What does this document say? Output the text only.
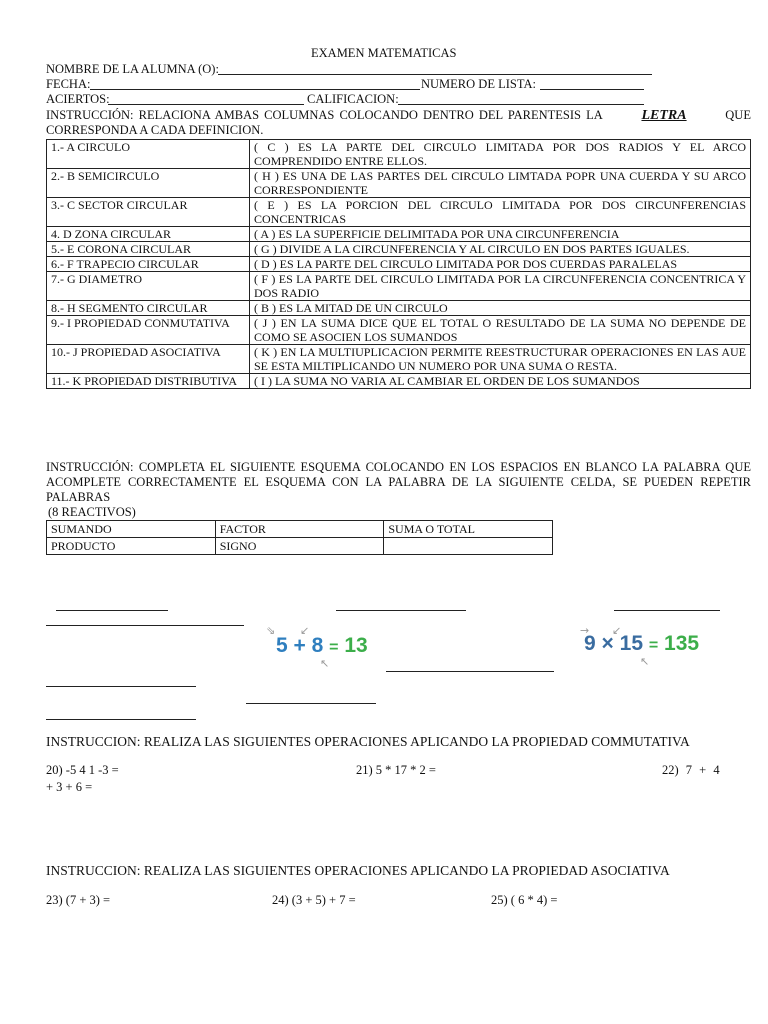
EXAMEN MATEMATICAS
NOMBRE DE LA ALUMNA (O):
FECHA:	NUMERO DE LISTA:
ACIERTOS:	CALIFICACION:
INSTRUCCIÓN: RELACIONA AMBAS COLUMNAS COLOCANDO DENTRO DEL PARENTESIS LA	LETRA	QUE
CORRESPONDA A CADA DEFINICION.
1.- A CIRCULO	( C ) ES LA PARTE DEL CIRCULO LIMITADA POR DOS RADIOS Y EL ARCO COMPRENDIDO ENTRE ELLOS.
2.- B SEMICIRCULO	( H ) ES UNA DE LAS PARTES DEL CIRCULO LIMTADA POPR UNA CUERDA Y SU ARCO CORRESPONDIENTE
3.- C SECTOR CIRCULAR	( E ) ES LA PORCION DEL CIRCULO LIMITADA POR DOS CIRCUNFERENCIAS CONCENTRICAS
4. D ZONA CIRCULAR	( A ) ES LA SUPERFICIE DELIMITADA POR UNA CIRCUNFERENCIA
5.- E CORONA CIRCULAR	( G ) DIVIDE A LA CIRCUNFERENCIA Y AL CIRCULO EN DOS PARTES IGUALES.
6.- F TRAPECIO CIRCULAR	( D ) ES LA PARTE DEL CIRCULO LIMITADA POR DOS CUERDAS PARALELAS
7.- G DIAMETRO	( F ) ES LA PARTE DEL CIRCULO LIMITADA POR LA CIRCUNFERENCIA CONCENTRICA Y DOS RADIO
8.- H SEGMENTO CIRCULAR	( B ) ES LA MITAD DE UN CIRCULO
9.- I PROPIEDAD CONMUTATIVA	( J ) EN LA SUMA DICE QUE EL TOTAL O RESULTADO DE LA SUMA NO DEPENDE DE COMO SE ASOCIEN LOS SUMANDOS
10.- J PROPIEDAD ASOCIATIVA	( K ) EN LA MULTIUPLICACION PERMITE REESTRUCTURAR OPERACIONES EN LAS AUE SE ESTA MILTIPLICANDO UN NUMERO POR UNA SUMA O RESTA.
11.- K PROPIEDAD DISTRIBUTIVA	( I ) LA SUMA NO VARIA AL CAMBIAR EL ORDEN DE LOS SUMANDOS
INSTRUCCIÓN: COMPLETA EL SIGUIENTE ESQUEMA COLOCANDO EN LOS ESPACIOS EN BLANCO LA PALABRA QUE ACOMPLETE CORRECTAMENTE EL ESQUEMA CON LA PALABRA DE LA SIGUIENTE CELDA, SE PUEDEN REPETIR PALABRAS
(8 REACTIVOS)
SUMANDO	FACTOR	SUMA O TOTAL
PRODUCTO	SIGNO	
⇘ ↙
↖
5 + 8 = 13
→ ↙
↖
9 × 15 = 135
INSTRUCCION: REALIZA LAS SIGUIENTES OPERACIONES APLICANDO LA PROPIEDAD COMMUTATIVA
20) -5 4 1 -3 =	21) 5 * 17 * 2 =	22) 7 + 4
+ 3 + 6 =
INSTRUCCION: REALIZA LAS SIGUIENTES OPERACIONES APLICANDO LA PROPIEDAD ASOCIATIVA
23) (7 + 3) =	24) (3 + 5) + 7 =	25) ( 6 * 4) =
